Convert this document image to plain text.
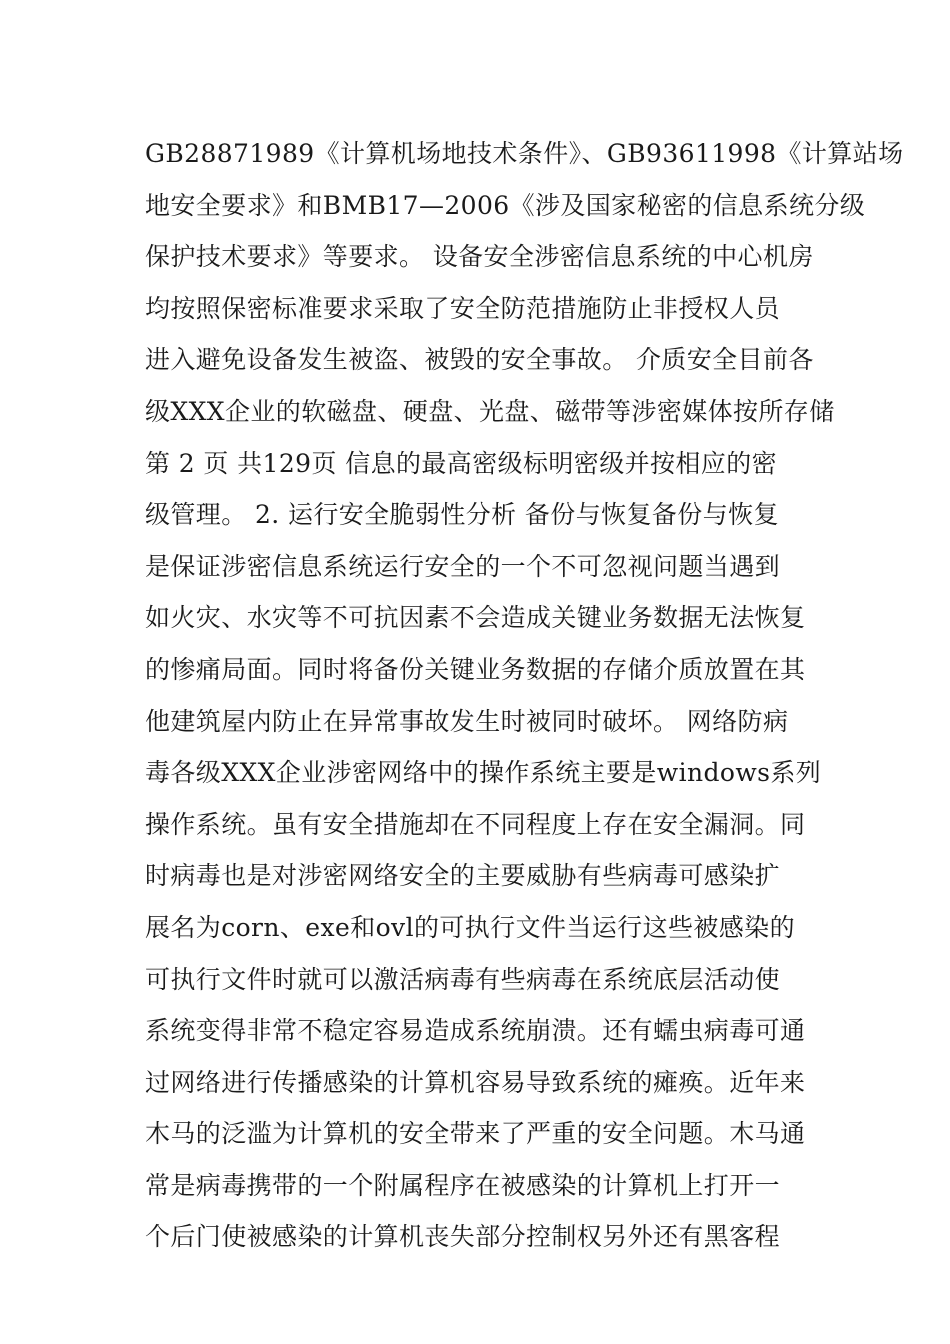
GB28871989《计算机场地技术条件》、GB93611998《计算站场
地安全要求》和BMB17—2006《涉及国家秘密的信息系统分级
保护技术要求》等要求。 设备安全涉密信息系统的中心机房
均按照保密标准要求采取了安全防范措施防止非授权人员
进入避免设备发生被盗、被毁的安全事故。 介质安全目前各
级XXX企业的软磁盘、硬盘、光盘、磁带等涉密媒体按所存储
第 2 页 共129页 信息的最高密级标明密级并按相应的密
级管理。 2. 运行安全脆弱性分析 备份与恢复备份与恢复
是保证涉密信息系统运行安全的一个不可忽视问题当遇到
如火灾、水灾等不可抗因素不会造成关键业务数据无法恢复
的惨痛局面。同时将备份关键业务数据的存储介质放置在其
他建筑屋内防止在异常事故发生时被同时破坏。 网络防病
毒各级XXX企业涉密网络中的操作系统主要是windows系列
操作系统。虽有安全措施却在不同程度上存在安全漏洞。同
时病毒也是对涉密网络安全的主要威胁有些病毒可感染扩
展名为corn、exe和ovl的可执行文件当运行这些被感染的
可执行文件时就可以激活病毒有些病毒在系统底层活动使
系统变得非常不稳定容易造成系统崩溃。还有蠕虫病毒可通
过网络进行传播感染的计算机容易导致系统的瘫痪。近年来
木马的泛滥为计算机的安全带来了严重的安全问题。木马通
常是病毒携带的一个附属程序在被感染的计算机上打开一
个后门使被感染的计算机丧失部分控制权另外还有黑客程
